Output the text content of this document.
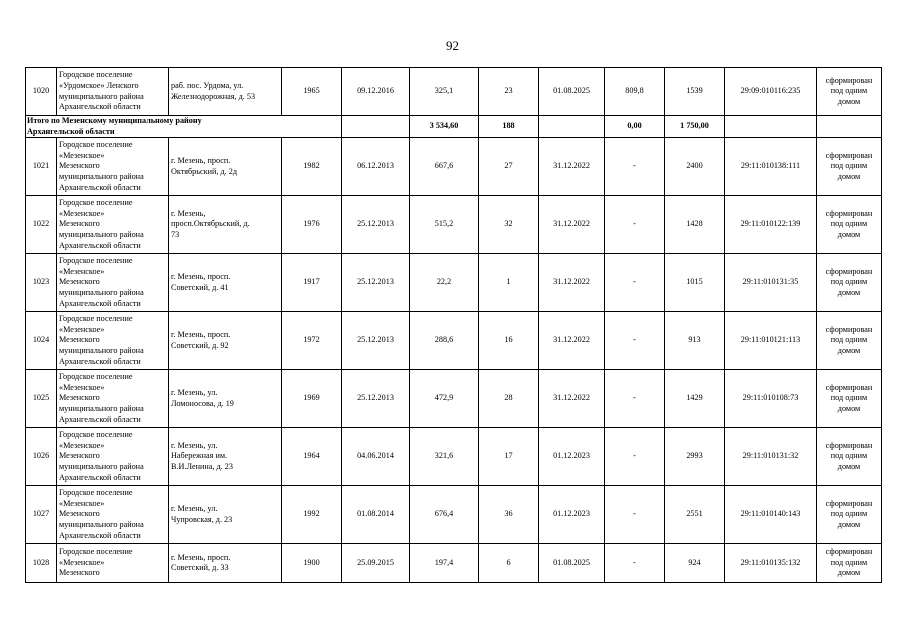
92
1020	Городское поселение
«Урдомское» Ленского
муниципального района
Архангельской области	раб. пос. Урдома, ул.
Железнодорожная, д. 53	1965	09.12.2016	325,1	23	01.08.2025	809,8	1539	29:09:010116:235	сформирован
под одним
домом
Итого по Мезенскому муниципальному району
Архангельской области					3 534,60	188		0,00	1 750,00		
1021	Городское поселение
«Мезенское»
Мезенского
муниципального района
Архангельской области	г. Мезень, просп.
Октябрьский, д. 2д	1982	06.12.2013	667,6	27	31.12.2022	-	2400	29:11:010138:111	сформирован
под одним
домом
1022	Городское поселение
«Мезенское»
Мезенского
муниципального района
Архангельской области	г. Мезень,
просп.Октябрьский, д.
73	1976	25.12.2013	515,2	32	31.12.2022	-	1428	29:11:010122:139	сформирован
под одним
домом
1023	Городское поселение
«Мезенское»
Мезенского
муниципального района
Архангельской области	г. Мезень, просп.
Советский, д. 41	1917	25.12.2013	22,2	1	31.12.2022	-	1015	29:11:010131:35	сформирован
под одним
домом
1024	Городское поселение
«Мезенское»
Мезенского
муниципального района
Архангельской области	г. Мезень, просп.
Советский, д. 92	1972	25.12.2013	288,6	16	31.12.2022	-	913	29:11:010121:113	сформирован
под одним
домом
1025	Городское поселение
«Мезенское»
Мезенского
муниципального района
Архангельской области	г. Мезень, ул.
Ломоносова, д. 19	1969	25.12.2013	472,9	28	31.12.2022	-	1429	29:11:010108:73	сформирован
под одним
домом
1026	Городское поселение
«Мезенское»
Мезенского
муниципального района
Архангельской области	г. Мезень, ул.
Набережная им.
В.И.Ленина, д. 23	1964	04.06.2014	321,6	17	01.12.2023	-	2993	29:11:010131:32	сформирован
под одним
домом
1027	Городское поселение
«Мезенское»
Мезенского
муниципального района
Архангельской области	г. Мезень, ул.
Чупровская, д. 23	1992	01.08.2014	676,4	36	01.12.2023	-	2551	29:11:010140:143	сформирован
под одним
домом
1028	Городское поселение
«Мезенское»
Мезенского	г. Мезень, просп.
Советский, д. 33	1900	25.09.2015	197,4	6	01.08.2025	-	924	29:11:010135:132	сформирован
под одним
домом
